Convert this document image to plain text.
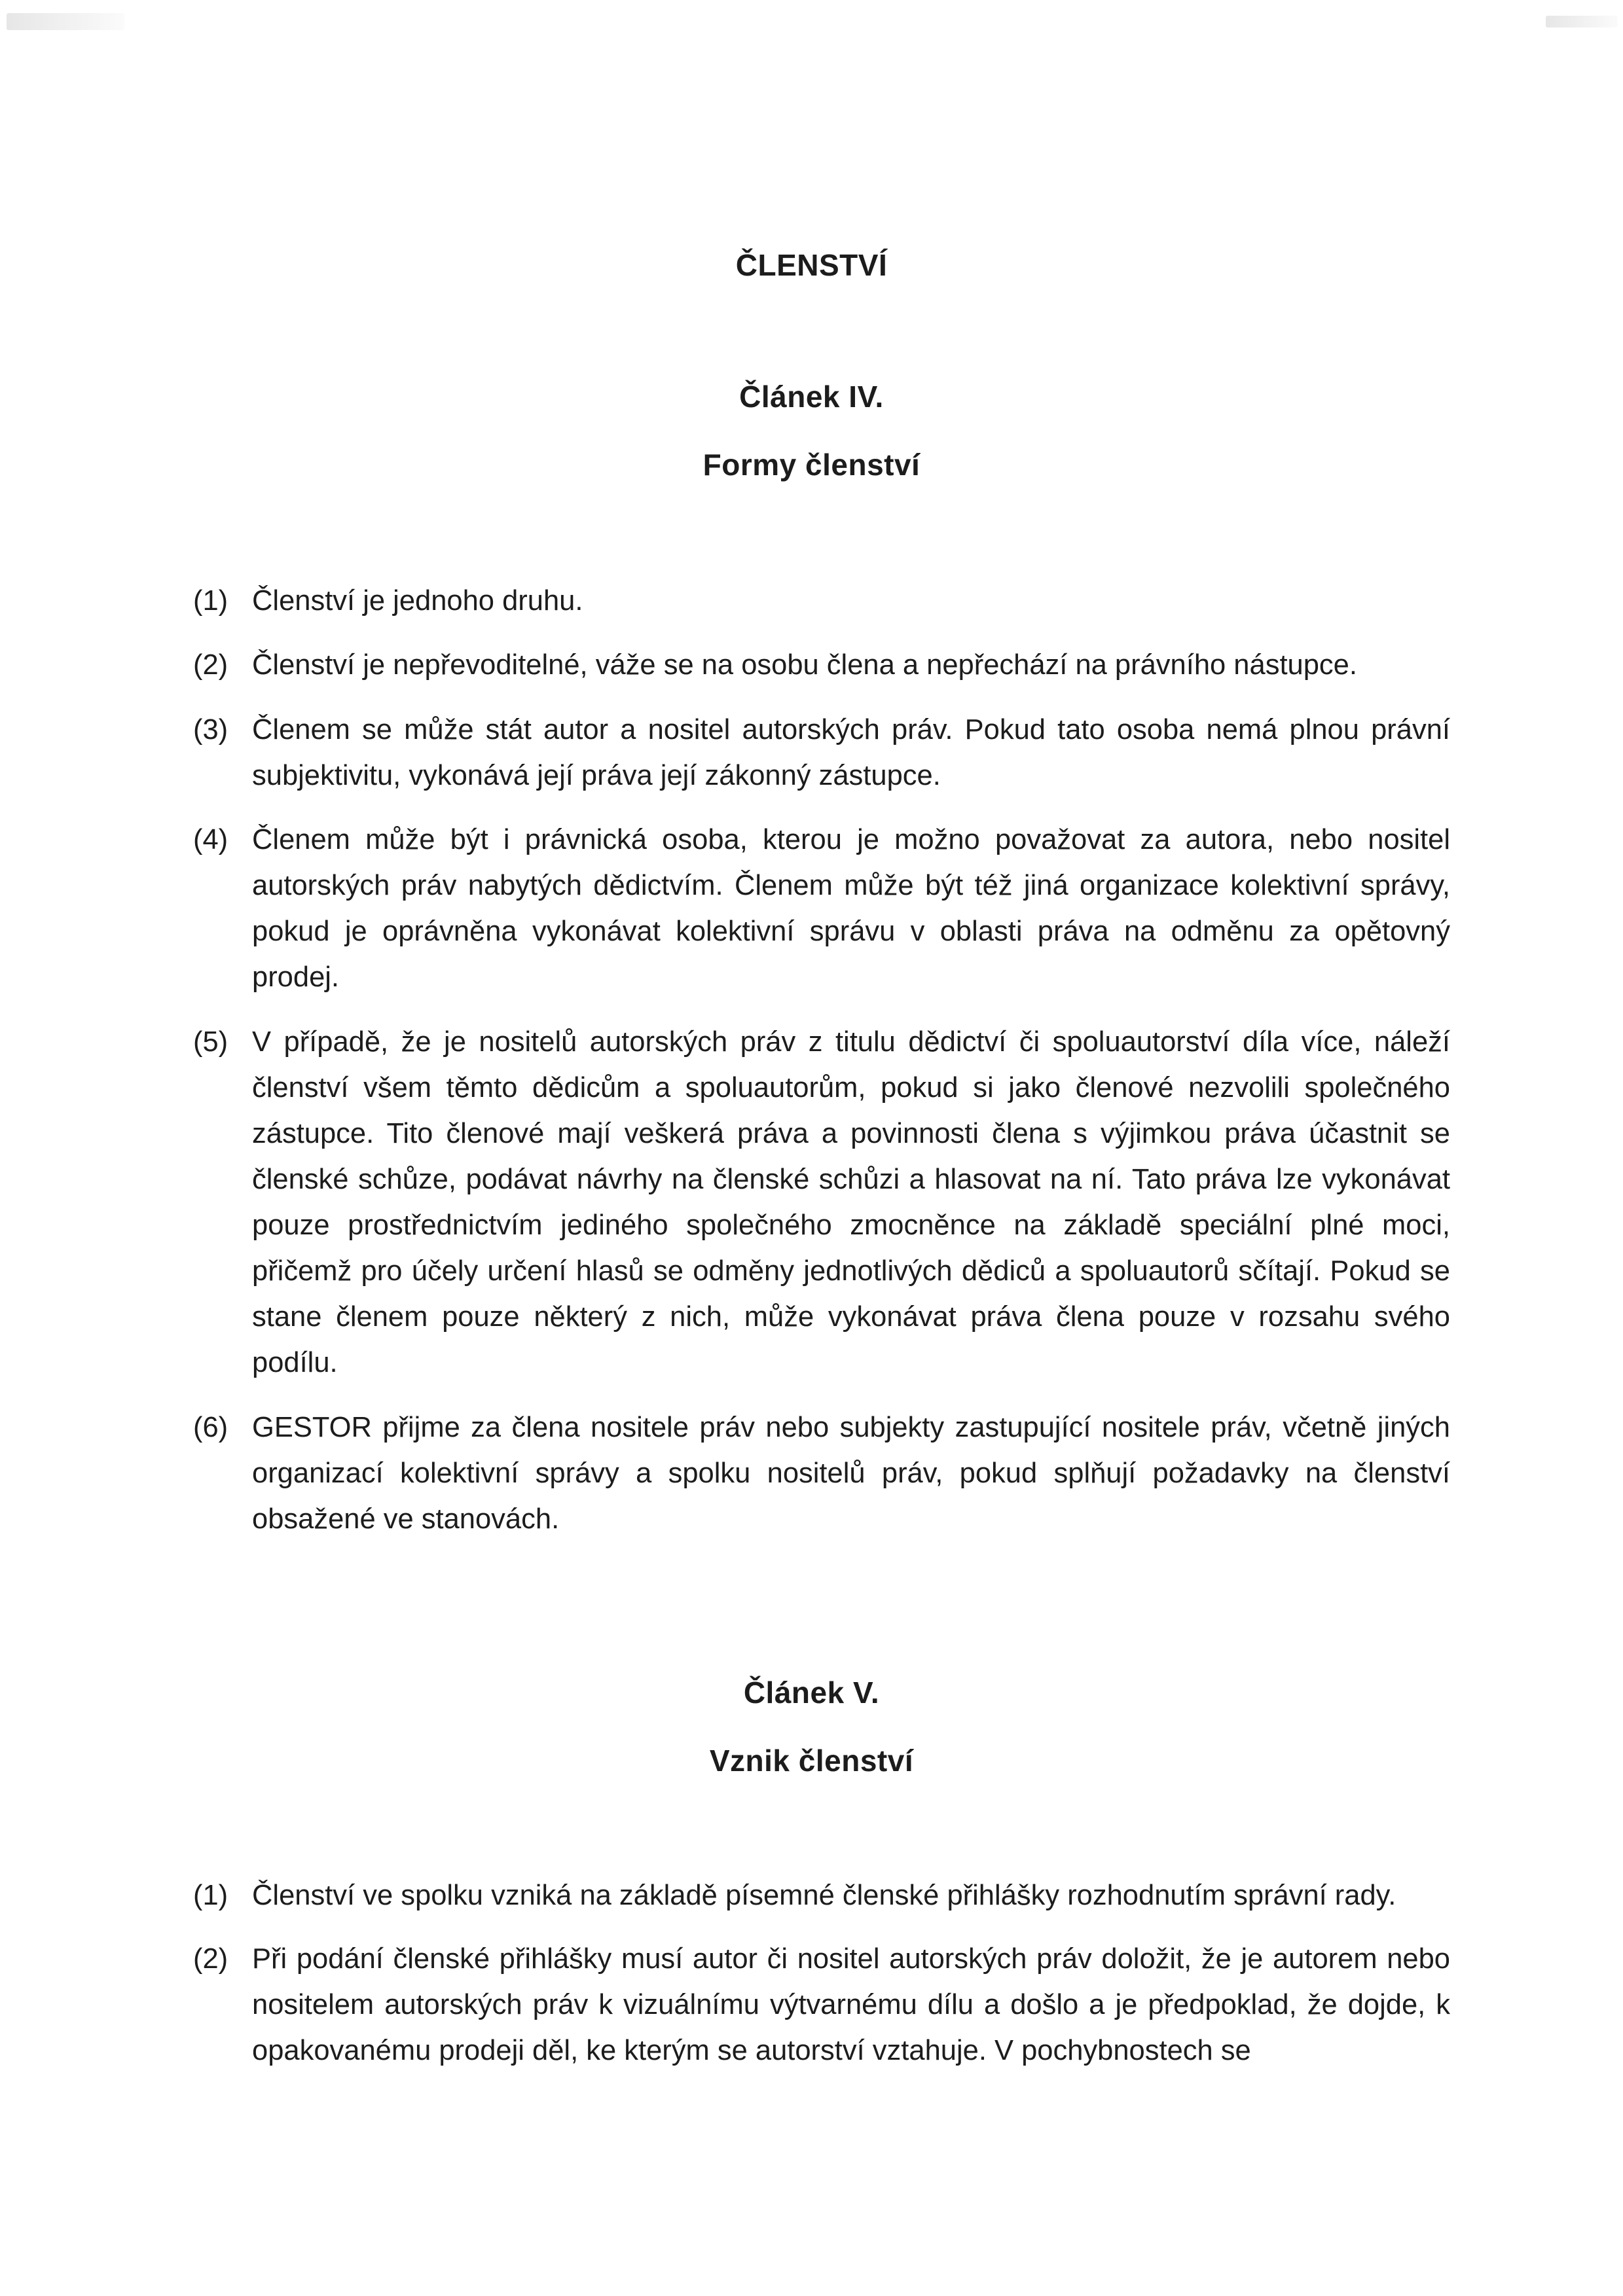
ČLENSTVÍ
Článek IV.
Formy členství
(1) Členství je jednoho druhu.
(2) Členství je nepřevoditelné, váže se na osobu člena a nepřechází na právního nástupce.
(3) Členem se může stát autor a nositel autorských práv. Pokud tato osoba nemá plnou právní subjektivitu, vykonává její práva její zákonný zástupce.
(4) Členem může být i právnická osoba, kterou je možno považovat za autora, nebo nositel autorských práv nabytých dědictvím. Členem může být též jiná organizace kolektivní správy, pokud je oprávněna vykonávat kolektivní správu v oblasti práva na odměnu za opětovný prodej.
(5) V případě, že je nositelů autorských práv z titulu dědictví či spoluautorství díla více, náleží členství všem těmto dědicům a spoluautorům, pokud si jako členové nezvolili společného zástupce. Tito členové mají veškerá práva a povinnosti člena s výjimkou práva účastnit se členské schůze, podávat návrhy na členské schůzi a hlasovat na ní. Tato práva lze vykonávat pouze prostřednictvím jediného společného zmocněnce na základě speciální plné moci, přičemž pro účely určení hlasů se odměny jednotlivých dědiců a spoluautorů sčítají. Pokud se stane členem pouze některý z nich, může vykonávat práva člena pouze v rozsahu svého podílu.
(6) GESTOR přijme za člena nositele práv nebo subjekty zastupující nositele práv, včetně jiných organizací kolektivní správy a spolku nositelů práv, pokud splňují požadavky na členství obsažené ve stanovách.
Článek V.
Vznik členství
(1) Členství ve spolku vzniká na základě písemné členské přihlášky rozhodnutím správní rady.
(2) Při podání členské přihlášky musí autor či nositel autorských práv doložit, že je autorem nebo nositelem autorských práv k vizuálnímu výtvarnému dílu a došlo a je předpoklad, že dojde, k opakovanému prodeji děl, ke kterým se autorství vztahuje. V pochybnostech se
